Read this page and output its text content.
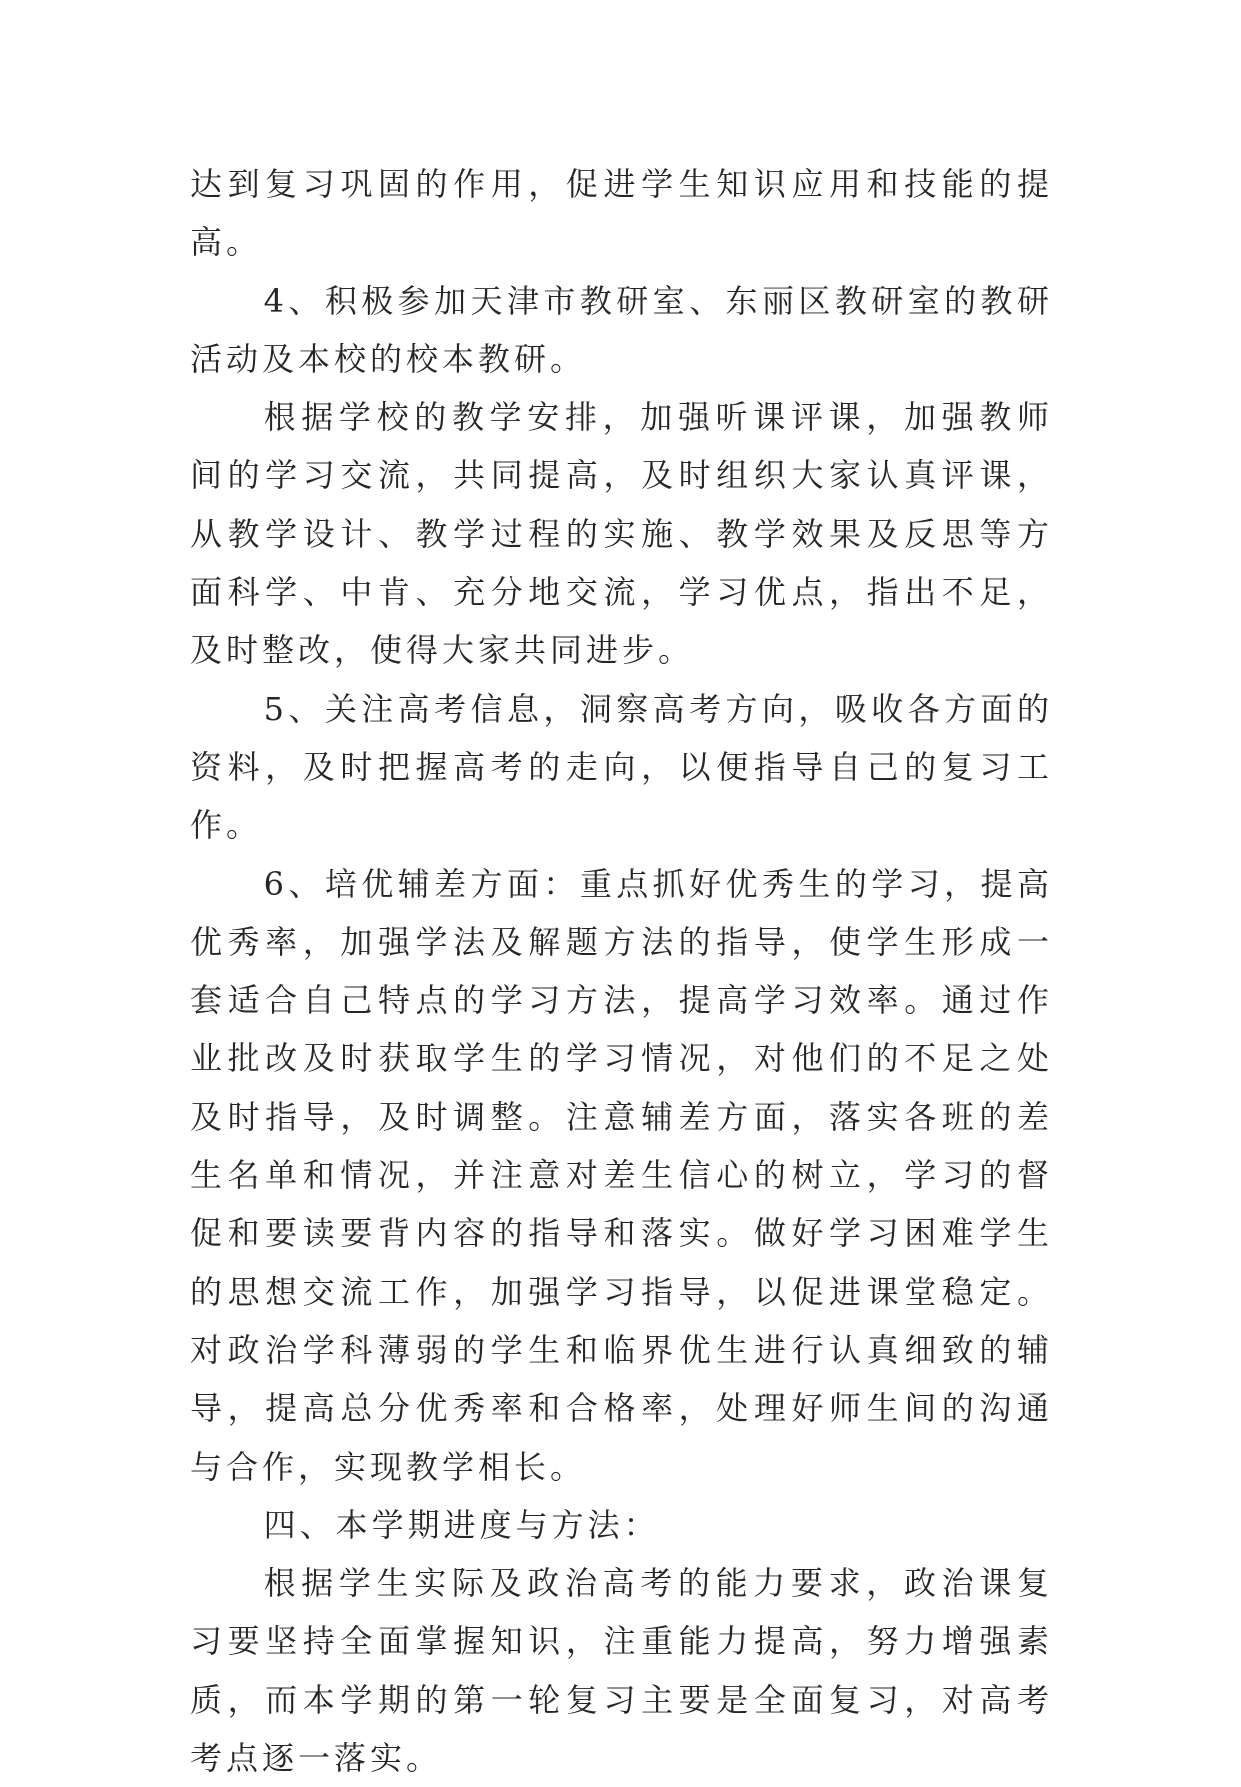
达到复习巩固的作用，促进学生知识应用和技能的提高。

4、积极参加天津市教研室、东丽区教研室的教研活动及本校的校本教研。

根据学校的教学安排，加强听课评课，加强教师间的学习交流，共同提高，及时组织大家认真评课，从教学设计、教学过程的实施、教学效果及反思等方面科学、中肯、充分地交流，学习优点，指出不足，及时整改，使得大家共同进步。

5、关注高考信息，洞察高考方向，吸收各方面的资料，及时把握高考的走向，以便指导自己的复习工作。

6、培优辅差方面：重点抓好优秀生的学习，提高优秀率，加强学法及解题方法的指导，使学生形成一套适合自己特点的学习方法，提高学习效率。通过作业批改及时获取学生的学习情况，对他们的不足之处及时指导，及时调整。注意辅差方面，落实各班的差生名单和情况，并注意对差生信心的树立，学习的督促和要读要背内容的指导和落实。做好学习困难学生的思想交流工作，加强学习指导，以促进课堂稳定。对政治学科薄弱的学生和临界优生进行认真细致的辅导，提高总分优秀率和合格率，处理好师生间的沟通与合作，实现教学相长。

四、本学期进度与方法：

根据学生实际及政治高考的能力要求，政治课复习要坚持全面掌握知识，注重能力提高，努力增强素质，而本学期的第一轮复习主要是全面复习，对高考考点逐一落实。
